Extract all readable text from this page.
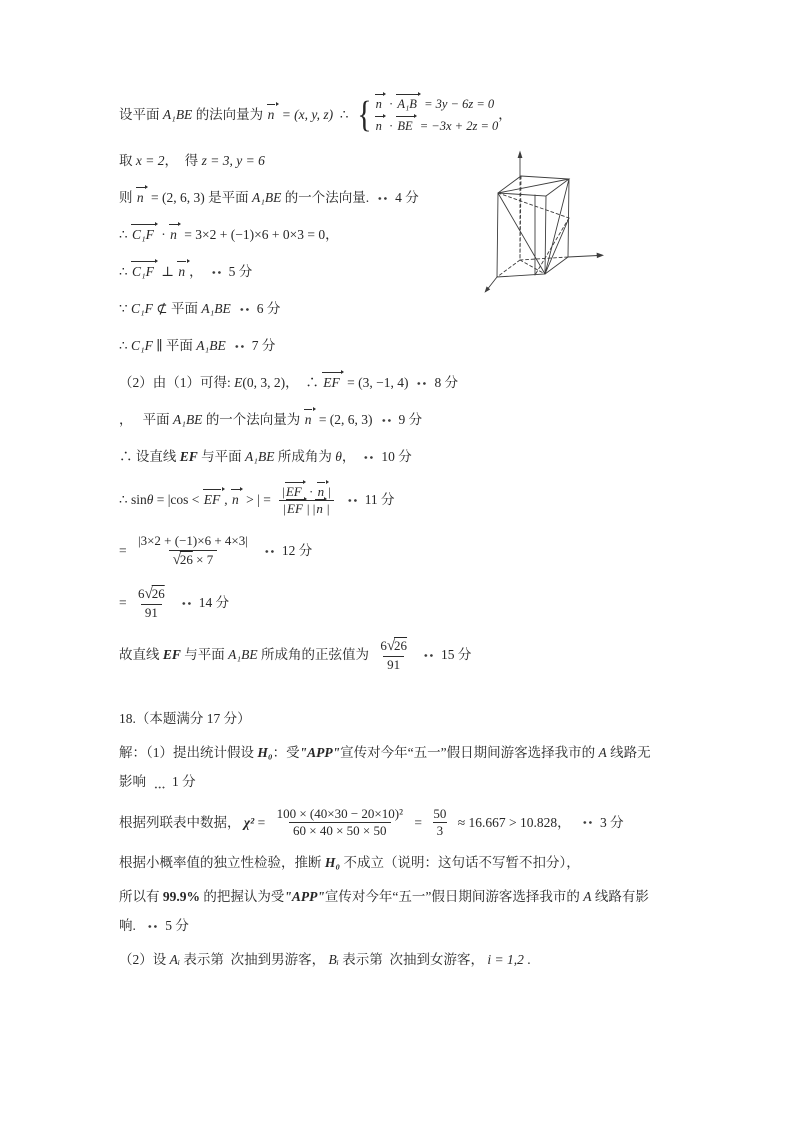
设平面 A₁BE 的法向量为 n = (x, y, z) ∴ { n · A₁B = 3y − 6z = 0
n · BE = −3x + 2z = 0
，
取 x = 2 ，  得 z = 3, y = 6
则 n = (2, 6, 3) 是平面 A₁BE 的一个法向量. 4 分
∴ C₁F · n = 3×2 + (−1)×6 + 0×3 = 0 ，
∴ C₁F ⊥ n ， 5 分
∵ C₁F ⊄ 平面 A₁BE 6 分
∴ C₁F ∥ 平面 A₁BE 7 分
（2）由（1）可得: E (0, 3, 2) ，  ∴ EF = (3, −1, 4) 8 分
，   平面 A₁BE 的一个法向量为 n = (2, 6, 3) 9 分
∴ 设直线 EF 与平面 A₁BE 所成角为 θ ， 10 分
∴ sin θ = |cos < EF , n > | = $\frac{| EF \cdot n |}{| EF | | n |} 11$ 分
= $\frac{|3\times 2 + (-1)\times 6 + 4\times 3|}{√ 26 \times 7} 12$ 分
= $\frac{6 √ 26}{91} 14$ 分
故直线 EF 与平面 A₁BE 所成角的正弦值为 $\frac{6 √ 26}{91} 15$ 分
18.（本题满分 17 分）
解：（1）提出统计假设 H₀ ：受 "APP" 宣传对今年“五一”假日期间游客选择我市的 A 线路无
影响 1 分
根据列联表中数据， $\chi^2 = \frac{\text{100 × (40×30 − 20×10)²}}{60 \times 40 \times 50 \times 50} = \frac{50}{3} \approx 16.667 > 10.828$ ， 3 分
根据小概率值的独立性检验，推断 H₀ 不成立（说明：这句话不写暂不扣分），
所以有 99.9% 的把握认为受 "APP" 宣传对今年“五一”假日期间游客选择我市的 A 线路有影
响. 5 分
（2）设 Aᵢ 表示第  次抽到男游客， Bᵢ 表示第  次抽到女游客， i = 1,2 .
